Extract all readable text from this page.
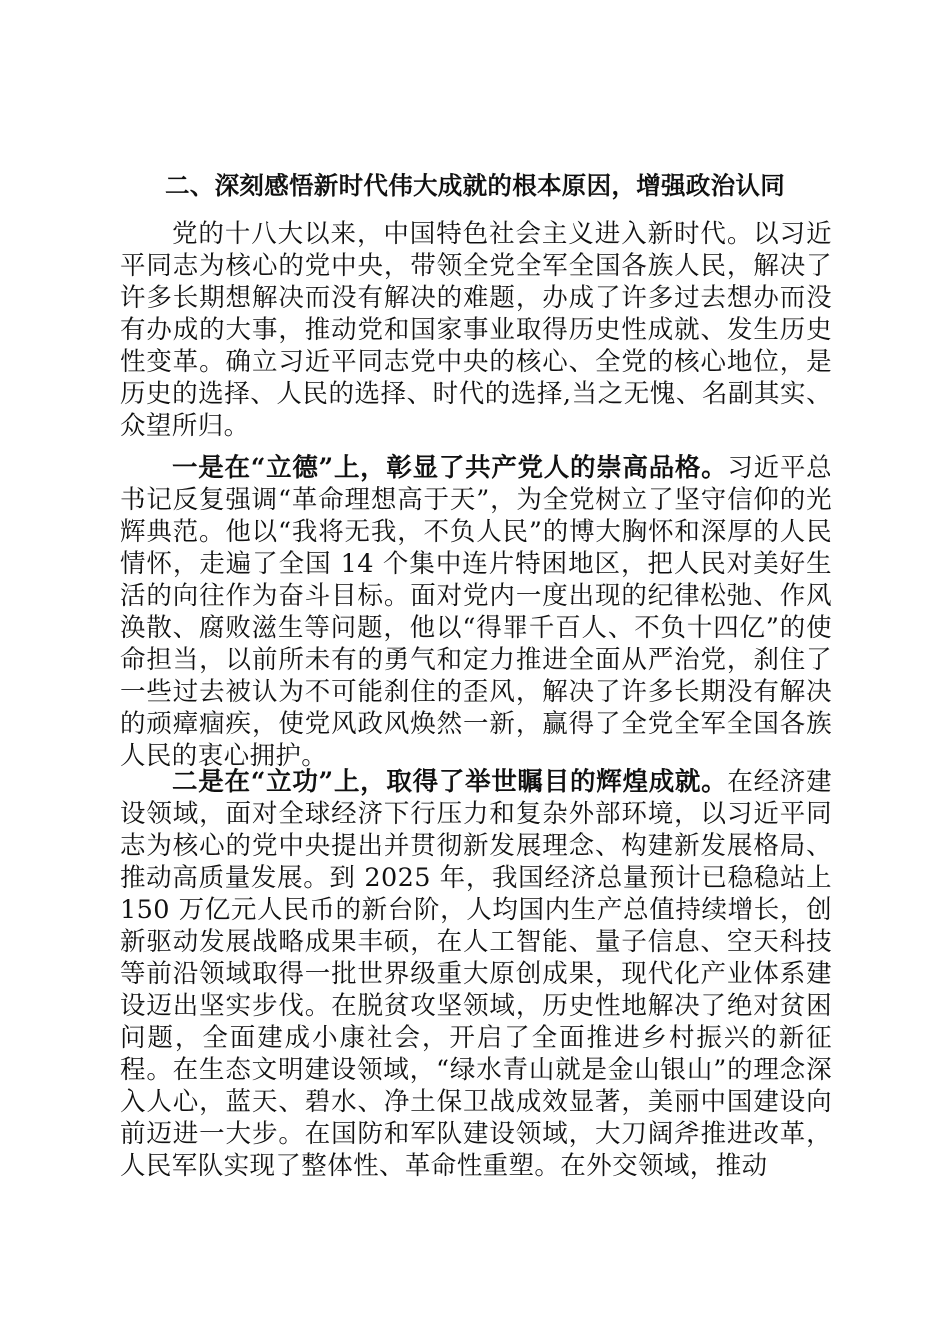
二、深刻感悟新时代伟大成就的根本原因，增强政治认同

党的十八大以来，中国特色社会主义进入新时代。以习近平同志为核心的党中央，带领全党全军全国各族人民，解决了许多长期想解决而没有解决的难题，办成了许多过去想办而没有办成的大事，推动党和国家事业取得历史性成就、发生历史性变革。确立习近平同志党中央的核心、全党的核心地位，是历史的选择、人民的选择、时代的选择,当之无愧、名副其实、众望所归。

一是在“立德”上，彰显了共产党人的崇高品格。习近平总书记反复强调“革命理想高于天”，为全党树立了坚守信仰的光辉典范。他以“我将无我，不负人民”的博大胸怀和深厚的人民情怀，走遍了全国 14 个集中连片特困地区，把人民对美好生活的向往作为奋斗目标。面对党内一度出现的纪律松弛、作风涣散、腐败滋生等问题，他以“得罪千百人、不负十四亿”的使命担当，以前所未有的勇气和定力推进全面从严治党，刹住了一些过去被认为不可能刹住的歪风，解决了许多长期没有解决的顽瘴痼疾，使党风政风焕然一新，赢得了全党全军全国各族人民的衷心拥护。

二是在“立功”上，取得了举世瞩目的辉煌成就。在经济建设领域，面对全球经济下行压力和复杂外部环境，以习近平同志为核心的党中央提出并贯彻新发展理念、构建新发展格局、推动高质量发展。到 2025 年，我国经济总量预计已稳稳站上 150 万亿元人民币的新台阶，人均国内生产总值持续增长，创新驱动发展战略成果丰硕，在人工智能、量子信息、空天科技等前沿领域取得一批世界级重大原创成果，现代化产业体系建设迈出坚实步伐。在脱贫攻坚领域，历史性地解决了绝对贫困问题，全面建成小康社会，开启了全面推进乡村振兴的新征程。在生态文明建设领域，“绿水青山就是金山银山”的理念深入人心，蓝天、碧水、净土保卫战成效显著，美丽中国建设向前迈进一大步。在国防和军队建设领域，大刀阔斧推进改革，人民军队实现了整体性、革命性重塑。在外交领域，推动
